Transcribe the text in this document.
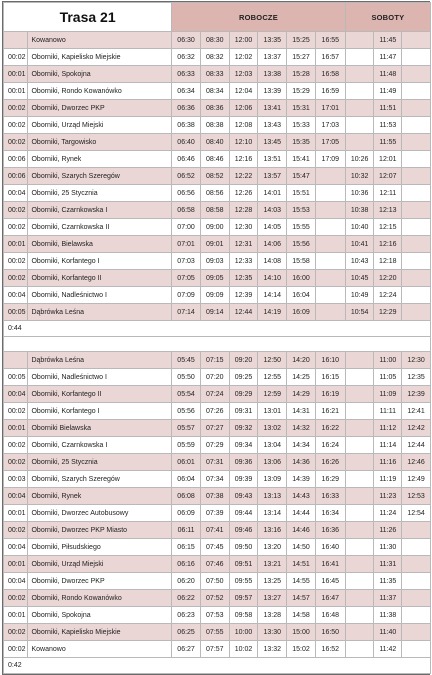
Trasa 21		ROBOCZE						SOBOTY		
	Kowanowo	06:30	08:30	12:00	13:35	15:25	16:55		11:45	
00:02	Oborniki, Kapielisko Miejskie	06:32	08:32	12:02	13:37	15:27	16:57		11:47	
00:01	Oborniki, Spokojna	06:33	08:33	12:03	13:38	15:28	16:58		11:48	
00:01	Oborniki, Rondo Kowanówko	06:34	08:34	12:04	13:39	15:29	16:59		11:49	
00:02	Oborniki, Dworzec PKP	06:36	08:36	12:06	13:41	15:31	17:01		11:51	
00:02	Oborniki, Urząd Miejski	06:38	08:38	12:08	13:43	15:33	17:03		11:53	
00:02	Oborniki, Targowisko	06:40	08:40	12:10	13:45	15:35	17:05		11:55	
00:06	Oborniki, Rynek	06:46	08:46	12:16	13:51	15:41	17:09	10:26	12:01	
00:06	Oborniki, Szarych Szeregów	06:52	08:52	12:22	13:57	15:47		10:32	12:07	
00:04	Oborniki, 25 Stycznia	06:56	08:56	12:26	14:01	15:51		10:36	12:11	
00:02	Oborniki, Czarnkowska I	06:58	08:58	12:28	14:03	15:53		10:38	12:13	
00:02	Oborniki, Czarnkowska II	07:00	09:00	12:30	14:05	15:55		10:40	12:15	
00:01	Oborniki, Bielawska	07:01	09:01	12:31	14:06	15:56		10:41	12:16	
00:02	Oborniki, Korfantego I	07:03	09:03	12:33	14:08	15:58		10:43	12:18	
00:02	Oborniki, Korfantego II	07:05	09:05	12:35	14:10	16:00		10:45	12:20	
00:04	Oborniki, Nadleśnictwo I	07:09	09:09	12:39	14:14	16:04		10:49	12:24	
00:05	Dąbrówka Leśna	07:14	09:14	12:44	14:19	16:09		10:54	12:29	
0:44										

	Dąbrówka Leśna	05:45	07:15	09:20	12:50	14:20	16:10		11:00	12:30
00:05	Oborniki, Nadleśnictwo I	05:50	07:20	09:25	12:55	14:25	16:15		11:05	12:35
00:04	Oborniki, Korfantego II	05:54	07:24	09:29	12:59	14:29	16:19		11:09	12:39
00:02	Oborniki, Korfantego I	05:56	07:26	09:31	13:01	14:31	16:21		11:11	12:41
00:01	Oborniki Bielawska	05:57	07:27	09:32	13:02	14:32	16:22		11:12	12:42
00:02	Oborniki, Czarnkowska I	05:59	07:29	09:34	13:04	14:34	16:24		11:14	12:44
00:02	Oborniki, 25 Stycznia	06:01	07:31	09:36	13:06	14:36	16:26		11:16	12:46
00:03	Oborniki, Szarych Szeregów	06:04	07:34	09:39	13:09	14:39	16:29		11:19	12:49
00:04	Oborniki, Rynek	06:08	07:38	09:43	13:13	14:43	16:33		11:23	12:53
00:01	Oborniki, Dworzec Autobusowy	06:09	07:39	09:44	13:14	14:44	16:34		11:24	12:54
00:02	Oborniki, Dworzec PKP Miasto	06:11	07:41	09:46	13:16	14:46	16:36		11:26	
00:04	Oborniki, Piłsudskiego	06:15	07:45	09:50	13:20	14:50	16:40		11:30	
00:01	Oborniki, Urząd Miejski	06:16	07:46	09:51	13:21	14:51	16:41		11:31	
00:04	Oborniki, Dworzec PKP	06:20	07:50	09:55	13:25	14:55	16:45		11:35	
00:02	Oborniki, Rondo Kowanówko	06:22	07:52	09:57	13:27	14:57	16:47		11:37	
00:01	Oborniki, Spokojna	06:23	07:53	09:58	13:28	14:58	16:48		11:38	
00:02	Oborniki, Kapielisko Miejskie	06:25	07:55	10:00	13:30	15:00	16:50		11:40	
00:02	Kowanowo	06:27	07:57	10:02	13:32	15:02	16:52		11:42	
0:42										
